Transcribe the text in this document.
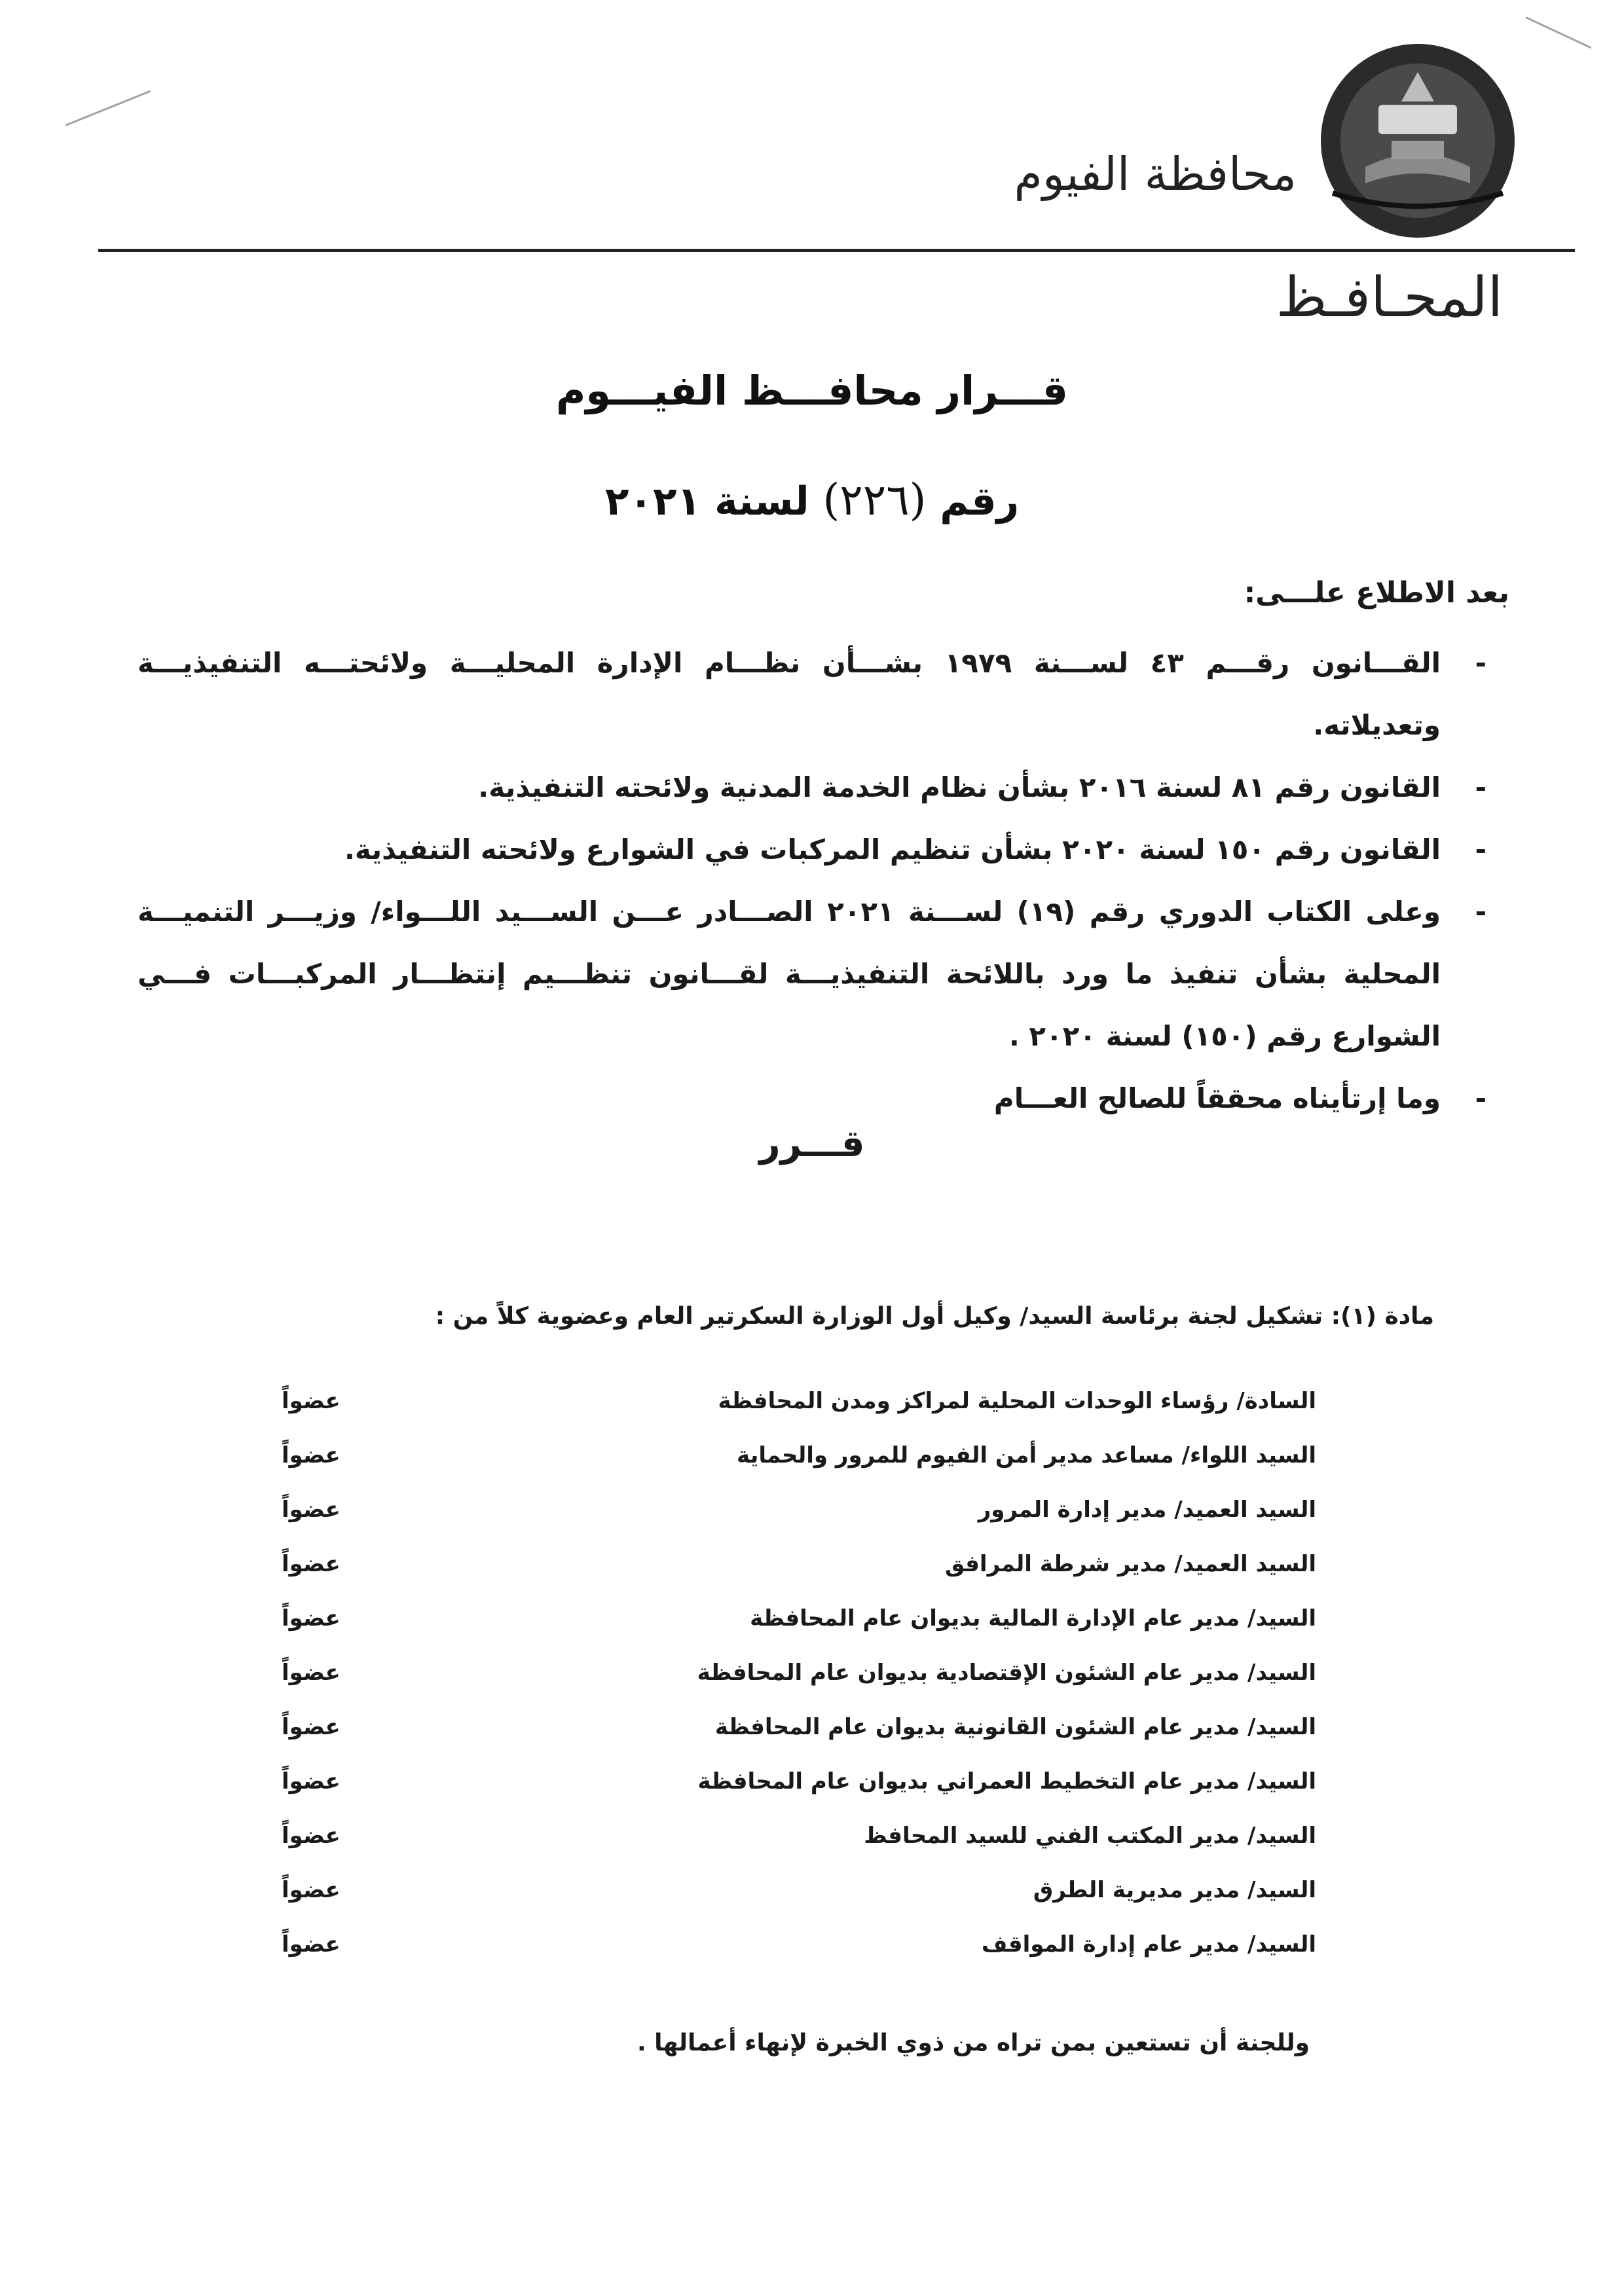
محافظة الفيوم
المحـافـظ
قـــرار محافـــظ الفيـــوم
رقم (٢٢٦) لسنة ٢٠٢١
بعد الاطلاع علـــى:
-
القـــانون رقـــم ٤٣ لســـنة ١٩٧٩ بشـــأن نظـــام الإدارة المحليـــة ولائحتـــه التنفيذيـــة وتعديلاته.
-
القانون رقم ٨١ لسنة ٢٠١٦ بشأن نظام الخدمة المدنية ولائحته التنفيذية.
-
القانون رقم ١٥٠ لسنة ٢٠٢٠ بشأن تنظيم المركبات في الشوارع ولائحته التنفيذية.
-
وعلى الكتاب الدوري رقم (١٩) لســـنة ٢٠٢١ الصـــادر عـــن الســـيد اللـــواء/ وزيـــر التنميـــة المحلية بشأن تنفيذ ما ورد باللائحة التنفيذيـــة لقـــانون تنظـــيم إنتظـــار المركبـــات فـــي الشوارع رقم (١٥٠) لسنة ٢٠٢٠ .
-
وما إرتأيناه محققاً للصالح العـــام
قـــرر
مادة (١): تشكيل لجنة برئاسة السيد/ وكيل أول الوزارة السكرتير العام وعضوية كلاً من :
السادة/ رؤساء الوحدات المحلية لمراكز ومدن المحافظة
عضواً
السيد اللواء/ مساعد مدير أمن الفيوم للمرور والحماية
عضواً
السيد العميد/ مدير إدارة المرور
عضواً
السيد العميد/ مدير شرطة المرافق
عضواً
السيد/ مدير عام الإدارة المالية بديوان عام المحافظة
عضواً
السيد/ مدير عام الشئون الإقتصادية بديوان عام المحافظة
عضواً
السيد/ مدير عام الشئون القانونية بديوان عام المحافظة
عضواً
السيد/ مدير عام التخطيط العمراني بديوان عام المحافظة
عضواً
السيد/ مدير المكتب الفني للسيد المحافظ
عضواً
السيد/ مدير مديرية الطرق
عضواً
السيد/ مدير عام إدارة المواقف
عضواً
وللجنة أن تستعين بمن تراه من ذوي الخبرة لإنهاء أعمالها .
